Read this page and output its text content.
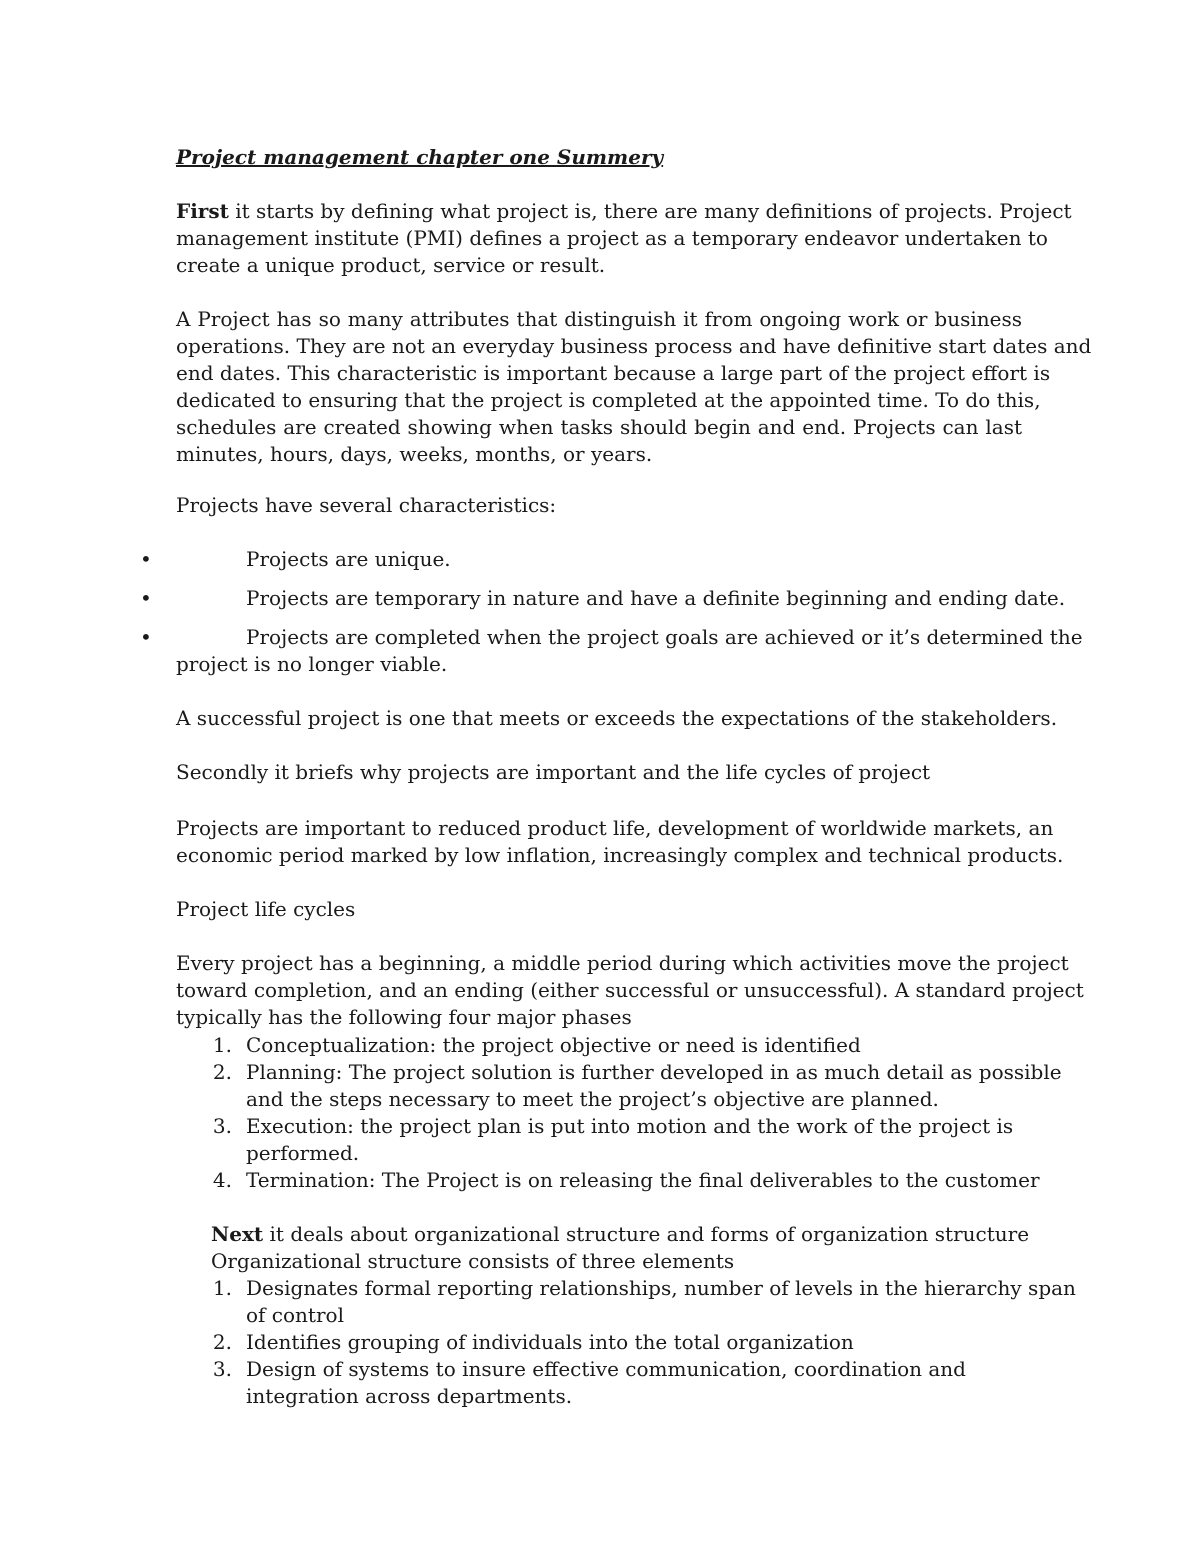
Project management chapter one Summery
First it starts by defining what project is, there are many definitions of projects. Project
management institute (PMI) defines a project as a temporary endeavor undertaken to
create a unique product, service or result.
A Project has so many attributes that distinguish it from ongoing work or business
operations. They are not an everyday business process and have definitive start dates and
end dates. This characteristic is important because a large part of the project effort is
dedicated to ensuring that the project is completed at the appointed time. To do this,
schedules are created showing when tasks should begin and end. Projects can last
minutes, hours, days, weeks, months, or years.
Projects have several characteristics:
•	Projects are unique.
•	Projects are temporary in nature and have a definite beginning and ending date.
•	Projects are completed when the project goals are achieved or it’s determined the
project is no longer viable.
A successful project is one that meets or exceeds the expectations of the stakeholders.
Secondly it briefs why projects are important and the life cycles of project
Projects are important to reduced product life, development of worldwide markets, an
economic period marked by low inflation, increasingly complex and technical products.
Project life cycles
Every project has a beginning, a middle period during which activities move the project
toward completion, and an ending (either successful or unsuccessful). A standard project
typically has the following four major phases
1. Conceptualization: the project objective or need is identified
2. Planning: The project solution is further developed in as much detail as possible
and the steps necessary to meet the project’s objective are planned.
3. Execution: the project plan is put into motion and the work of the project is
performed.
4. Termination: The Project is on releasing the final deliverables to the customer
Next it deals about organizational structure and forms of organization structure
Organizational structure consists of three elements
1. Designates formal reporting relationships, number of levels in the hierarchy span
of control
2. Identifies grouping of individuals into the total organization
3. Design of systems to insure effective communication, coordination and
integration across departments.
